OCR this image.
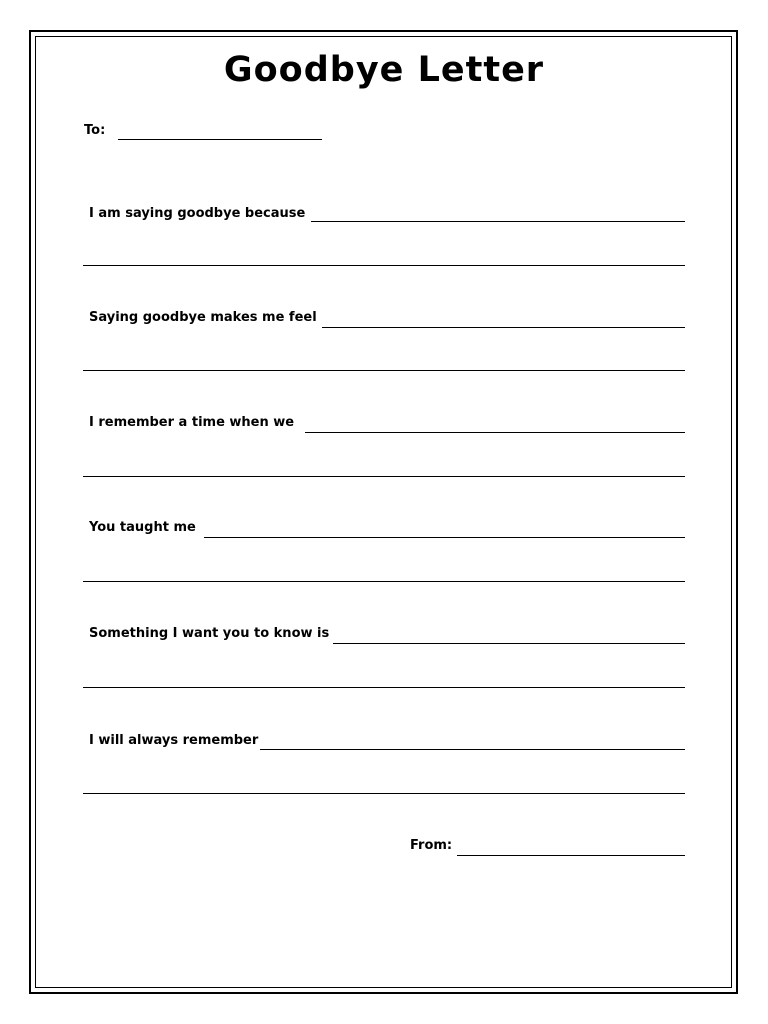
Goodbye Letter
To:
I am saying goodbye because
Saying goodbye makes me feel
I remember a time when we
You taught me
Something I want you to know is
I will always remember
From:
